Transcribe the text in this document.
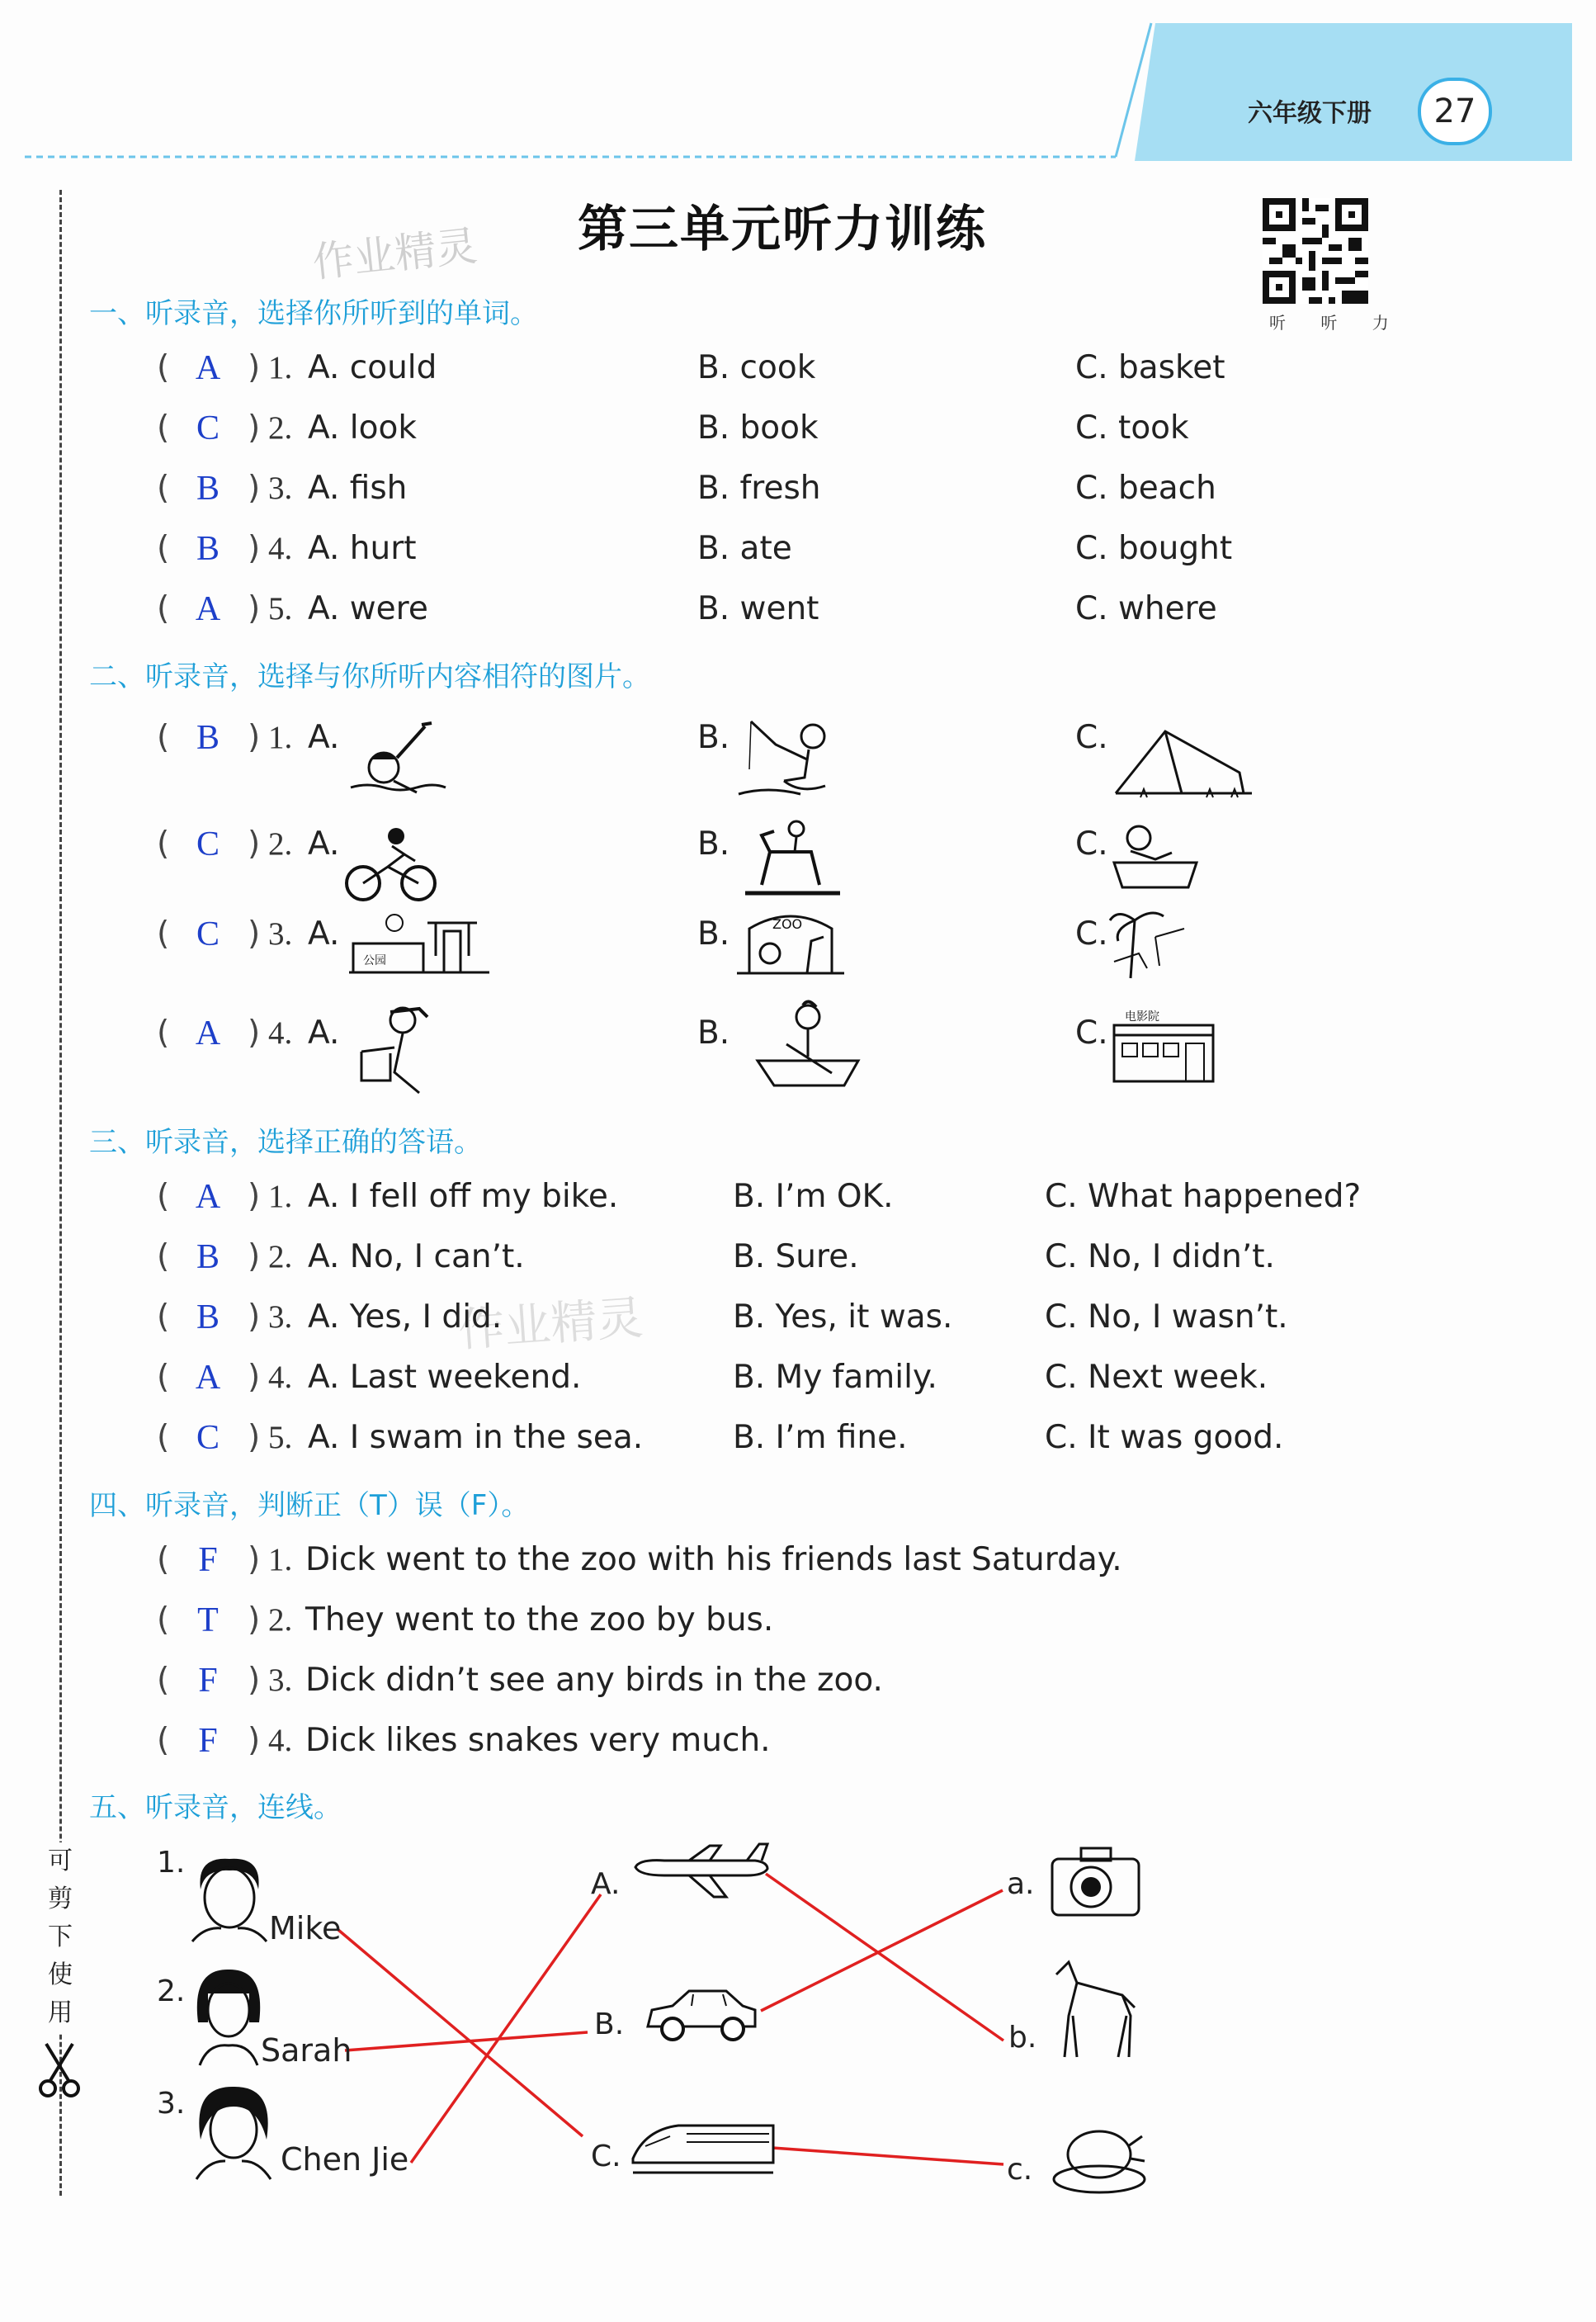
六年级下册	27
第三单元听力训练
作业精灵
作业精灵
听 听 力
可
剪
下
使
用
一、听录音，选择你所听到的单词。
( A ) 1. A. could	B. cook	C. basket
( C ) 2. A. look	B. book	C. took
( B ) 3. A. fish	B. fresh	C. beach
( B ) 4. A. hurt	B. ate	C. bought
( A ) 5. A. were	B. went	C. where
二、听录音，选择与你所听内容相符的图片。
( B ) 1. A.	B.	C.
( C ) 2. A.	B.	C.
( C ) 3. A.	B.	C.
( A ) 4. A.	B.	C.
公园
ZOO
电影院
三、听录音，选择正确的答语。
( A ) 1. A. I fell off my bike.	B. I’m OK.	C. What happened?
( B ) 2. A. No, I can’t.	B. Sure.	C. No, I didn’t.
( B ) 3. A. Yes, I did.	B. Yes, it was.	C. No, I wasn’t.
( A ) 4. A. Last weekend.	B. My family.	C. Next week.
( C ) 5. A. I swam in the sea.	B. I’m fine.	C. It was good.
四、听录音，判断正（T）误（F）。
( F ) 1. Dick went to the zoo with his friends last Saturday.
( T ) 2. They went to the zoo by bus.
( F ) 3. Dick didn’t see any birds in the zoo.
( F ) 4. Dick likes snakes very much.
五、听录音，连线。
1.
Mike
2.
Sarah
3.
Chen Jie
A.
B.
C.
a.
b.
c.
